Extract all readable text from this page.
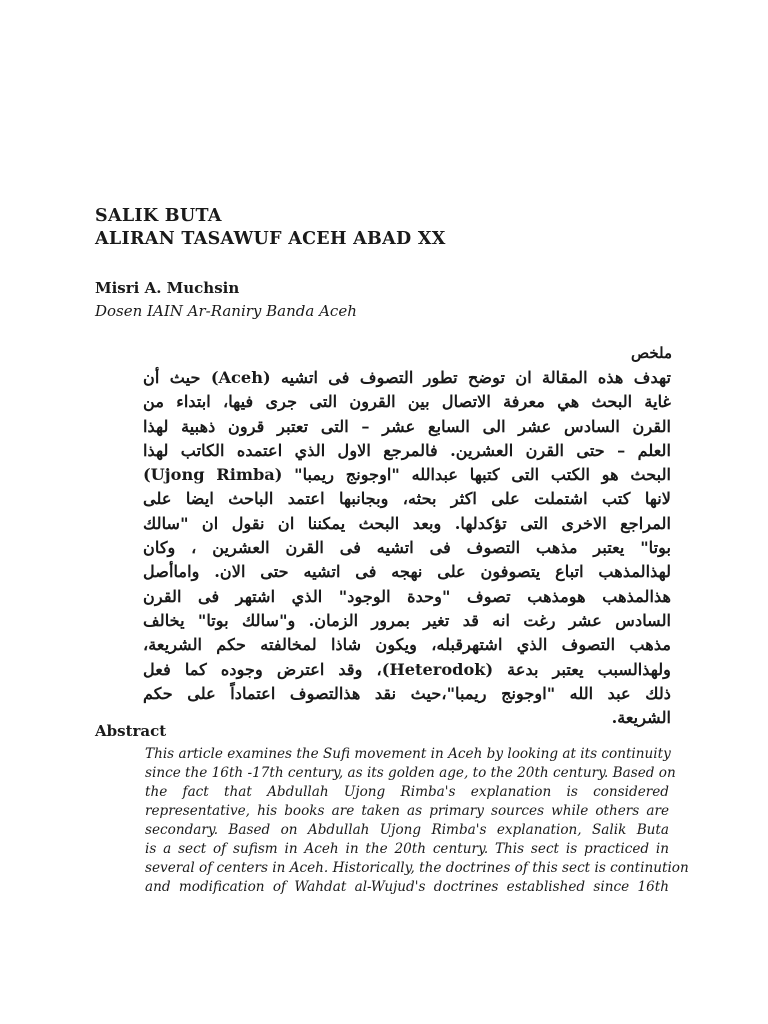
SALIK BUTA
ALIRAN TASAWUF ACEH ABAD XX
Misri A. Muchsin
Dosen IAIN Ar-Raniry Banda Aceh
ملخص
تهدف هذه المقالة ان توضح تطور التصوف فى اتشيه (Aceh) حيث أن
غاية البحث هي معرفة الاتصال بين القرون التى جرى فيها، ابتداء من
القرن السادس عشر الى السابع عشر – التى تعتبر قرون ذهبية لهذا
العلم – حتى القرن العشرين. فالمرجع الاول الذي اعتمده الكاتب لهذا
البحث هو الكتب التى كتبها عبدالله "اوجونج ريمبا" (Ujong Rimba)
لانها كتب اشتملت على اكثر بحثه، وبجانبها اعتمد الباحث ايضا على
المراجع الاخرى التى تؤكدلها. وبعد البحث يمكننا ان نقول ان "سالك
بوتا" يعتبر مذهب التصوف فى اتشيه فى القرن العشرين ، وكان
لهذالمذهب اتباع يتصوفون على نهجه فى اتشيه حتى الان. واماأصل
هذالمذهب هومذهب تصوف "وحدة الوجود" الذي اشتهر فى القرن
السادس عشر رغت انه قد تغير بمرور الزمان. و"سالك بوتا" يخالف
مذهب التصوف الذي اشتهرقبله، ويكون شاذا لمخالفته حكم الشريعة،
ولهذالسبب يعتبر بدعة (Heterodok)، وقد اعترض وجوده كما فعل
ذلك عبد الله "اوجونج ريمبا"،حيث نقد هذالتصوف اعتماداً على حكم
الشريعة.
Abstract
This article examines the Sufi movement in Aceh by looking at its continuity
since the 16th -17th century, as its golden age, to the 20th century. Based on
the fact that Abdullah Ujong Rimba's explanation is considered
representative, his books are taken as primary sources while others are
secondary. Based on Abdullah Ujong Rimba's explanation, Salik Buta
is a sect of sufism in Aceh in the 20th century. This sect is practiced in
several of centers in Aceh. Historically, the doctrines of this sect is continution
and modification of Wahdat al-Wujud's doctrines established since 16th
